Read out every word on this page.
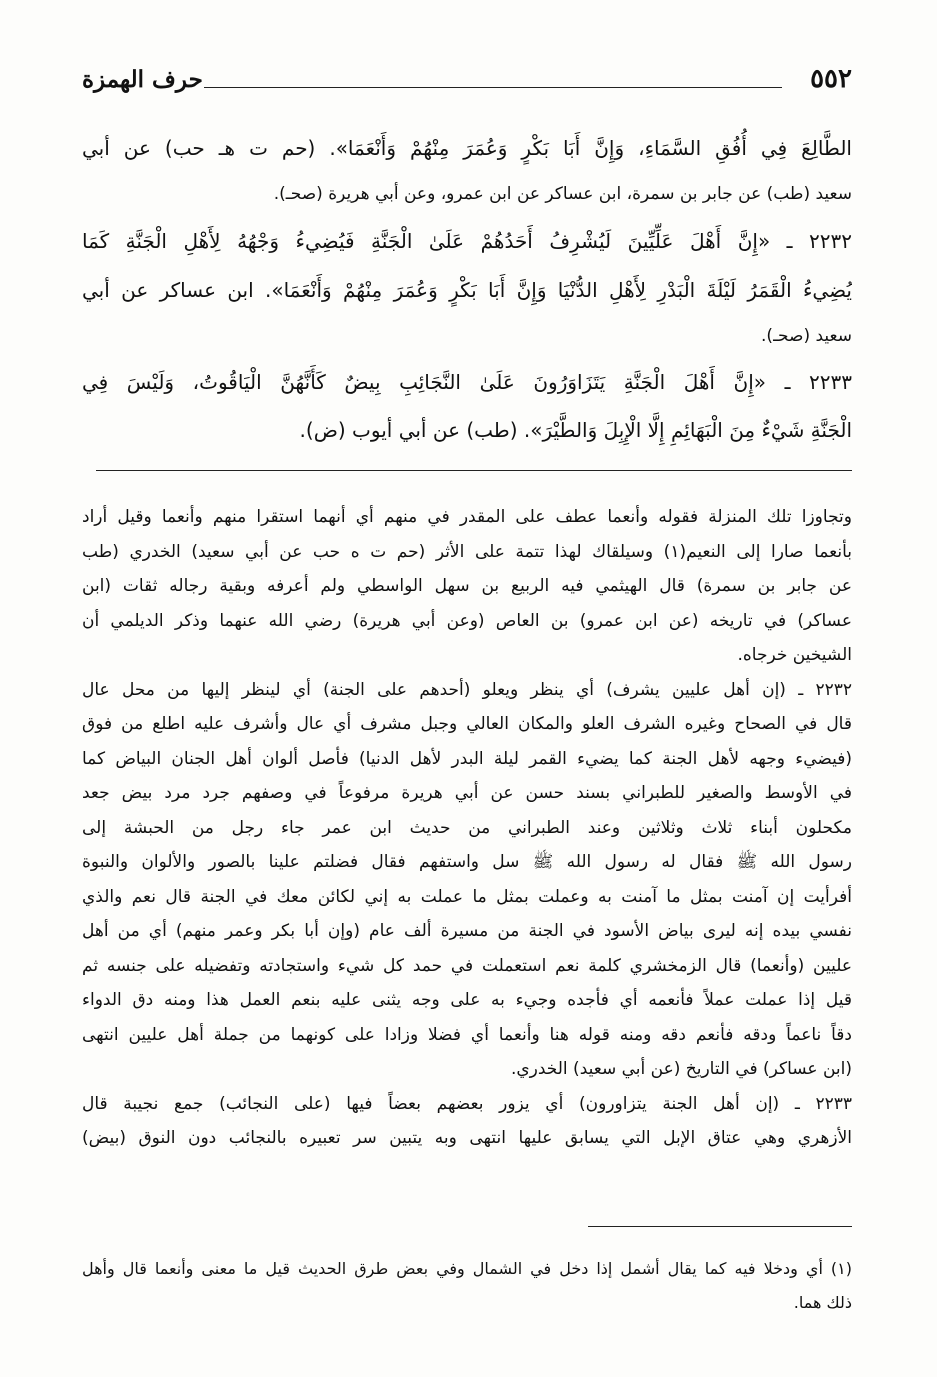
٥٥٢
حرف الهمزة
الطَّالِعَ فِي أُفُقِ السَّمَاءِ، وَإِنَّ أَبَا بَكْرٍ وَعُمَرَ مِنْهُمْ وَأَنْعَمَا». (حم ت هـ حب) عن أبي
سعيد (طب) عن جابر بن سمرة، ابن عساكر عن ابن عمرو، وعن أبي هريرة (صحـ).
٢٢٣٢ ـ «إِنَّ أَهْلَ عَلِّيِّينَ لَيُشْرِفُ أَحَدُهُمْ عَلَىٰ الْجَنَّةِ فَيُضِيءُ وَجْهُهُ لِأَهْلِ الْجَنَّةِ كَمَا
يُضِيءُ الْقَمَرُ لَيْلَةَ الْبَدْرِ لِأَهْلِ الدُّنْيَا وَإِنَّ أَبَا بَكْرٍ وَعُمَرَ مِنْهُمْ وَأَنْعَمَا». ابن عساكر عن أبي
سعيد (صحـ).
٢٢٣٣ ـ «إِنَّ أَهْلَ الْجَنَّةِ يَتَزَاوَرُونَ عَلَىٰ النَّجَائِبِ بِيضٌ كَأَنَّهُنَّ الْيَاقُوتُ، وَلَيْسَ فِي
الْجَنَّةِ شَيْءٌ مِنَ الْبَهَائِمِ إِلَّا الْإِبِلَ وَالطَّيْرَ». (طب) عن أبي أيوب (ض).
وتجاوزا تلك المنزلة فقوله وأنعما عطف على المقدر في منهم أي أنهما استقرا منهم وأنعما وقيل أراد
بأنعما صارا إلى النعيم(١) وسيلقاك لهذا تتمة على الأثر (حم ت ه حب عن أبي سعيد) الخدري (طب
عن جابر بن سمرة) قال الهيثمي فيه الربيع بن سهل الواسطي ولم أعرفه وبقية رجاله ثقات (ابن
عساكر) في تاريخه (عن ابن عمرو) بن العاص (وعن أبي هريرة) رضي الله عنهما وذكر الديلمي أن
الشيخين خرجاه.
٢٢٣٢ ـ (إن أهل عليين يشرف) أي ينظر ويعلو (أحدهم على الجنة) أي لينظر إليها من محل عال
قال في الصحاح وغيره الشرف العلو والمكان العالي وجبل مشرف أي عال وأشرف عليه اطلع من فوق
(فيضيء وجهه لأهل الجنة كما يضيء القمر ليلة البدر لأهل الدنيا) فأصل ألوان أهل الجنان البياض كما
في الأوسط والصغير للطبراني بسند حسن عن أبي هريرة مرفوعاً في وصفهم جرد مرد بيض جعد
مكحلون أبناء ثلاث وثلاثين وعند الطبراني من حديث ابن عمر جاء رجل من الحبشة إلى
رسول الله ﷺ فقال له رسول الله ﷺ سل واستفهم فقال فضلتم علينا بالصور والألوان والنبوة
أفرأيت إن آمنت بمثل ما آمنت به وعملت بمثل ما عملت به إني لكائن معك في الجنة قال نعم والذي
نفسي بيده إنه ليرى بياض الأسود في الجنة من مسيرة ألف عام (وإن أبا بكر وعمر منهم) أي من أهل
عليين (وأنعما) قال الزمخشري كلمة نعم استعملت في حمد كل شيء واستجادته وتفضيله على جنسه ثم
قيل إذا عملت عملاً فأنعمه أي فأجده وجيء به على وجه يثنى عليه بنعم العمل هذا ومنه دق الدواء
دقاً ناعماً ودقه فأنعم دقه ومنه قوله هنا وأنعما أي فضلا وزادا على كونهما من جملة أهل عليين انتهى
(ابن عساكر) في التاريخ (عن أبي سعيد) الخدري.
٢٢٣٣ ـ (إن أهل الجنة يتزاورون) أي يزور بعضهم بعضاً فيها (على النجائب) جمع نجيبة قال
الأزهري وهي عتاق الإبل التي يسابق عليها انتهى وبه يتبين سر تعبيره بالنجائب دون النوق (بيض)
(١) أي ودخلا فيه كما يقال أشمل إذا دخل في الشمال وفي بعض طرق الحديث قيل ما معنى وأنعما قال وأهل
ذلك هما.
